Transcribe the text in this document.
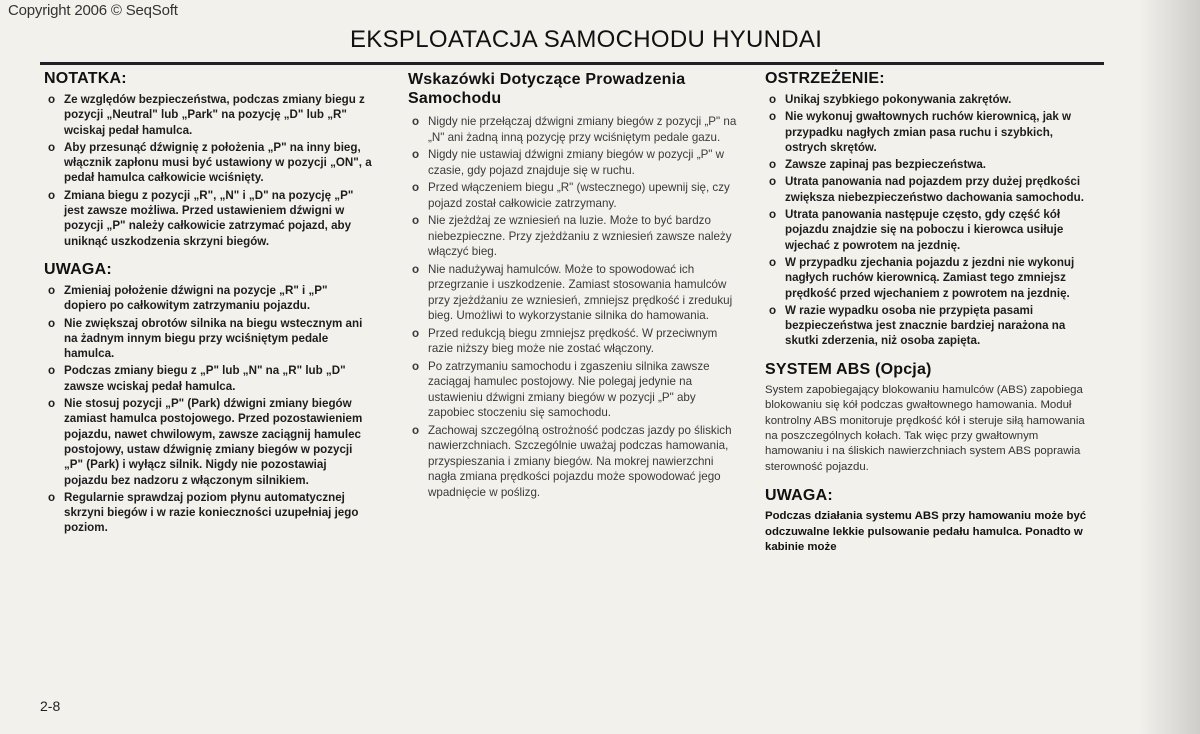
Copyright 2006 © SeqSoft
EKSPLOATACJA SAMOCHODU HYUNDAI
NOTATKA:
o Ze względów bezpieczeństwa, podczas zmiany biegu z pozycji „Neutral" lub „Park" na pozycję „D" lub „R" wciskaj pedał hamulca.
o Aby przesunąć dźwignię z położenia „P" na inny bieg, włącznik zapłonu musi być ustawiony w pozycji „ON", a pedał hamulca całkowicie wciśnięty.
o Zmiana biegu z pozycji „R", „N" i „D" na pozycję „P" jest zawsze możliwa. Przed ustawieniem dźwigni w pozycji „P" należy całkowicie zatrzymać pojazd, aby uniknąć uszkodzenia skrzyni biegów.
UWAGA:
o Zmieniaj położenie dźwigni na pozycje „R" i „P" dopiero po całkowitym zatrzymaniu pojazdu.
o Nie zwiększaj obrotów silnika na biegu wstecznym ani na żadnym innym biegu przy wciśniętym pedale hamulca.
o Podczas zmiany biegu z „P" lub „N" na „R" lub „D" zawsze wciskaj pedał hamulca.
o Nie stosuj pozycji „P" (Park) dźwigni zmiany biegów zamiast hamulca postojowego. Przed pozostawieniem pojazdu, nawet chwilowym, zawsze zaciągnij hamulec postojowy, ustaw dźwignię zmiany biegów w pozycji „P" (Park) i wyłącz silnik. Nigdy nie pozostawiaj pojazdu bez nadzoru z włączonym silnikiem.
o Regularnie sprawdzaj poziom płynu automatycznej skrzyni biegów i w razie konieczności uzupełniaj jego poziom.
Wskazówki Dotyczące Prowadzenia Samochodu
o Nigdy nie przełączaj dźwigni zmiany biegów z pozycji „P" na „N" ani żadną inną pozycję przy wciśniętym pedale gazu.
o Nigdy nie ustawiaj dźwigni zmiany biegów w pozycji „P" w czasie, gdy pojazd znajduje się w ruchu.
o Przed włączeniem biegu „R" (wstecznego) upewnij się, czy pojazd został całkowicie zatrzymany.
o Nie zjeżdżaj ze wzniesień na luzie. Może to być bardzo niebezpieczne. Przy zjeżdżaniu z wzniesień zawsze należy włączyć bieg.
o Nie nadużywaj hamulców. Może to spowodować ich przegrzanie i uszkodzenie. Zamiast stosowania hamulców przy zjeżdżaniu ze wzniesień, zmniejsz prędkość i zredukuj bieg. Umożliwi to wykorzystanie silnika do hamowania.
o Przed redukcją biegu zmniejsz prędkość. W przeciwnym razie niższy bieg może nie zostać włączony.
o Po zatrzymaniu samochodu i zgaszeniu silnika zawsze zaciągaj hamulec postojowy. Nie polegaj jedynie na ustawieniu dźwigni zmiany biegów w pozycji „P" aby zapobiec stoczeniu się samochodu.
o Zachowaj szczególną ostrożność podczas jazdy po śliskich nawierzchniach. Szczególnie uważaj podczas hamowania, przyspieszania i zmiany biegów. Na mokrej nawierzchni nagła zmiana prędkości pojazdu może spowodować jego wpadnięcie w poślizg.
OSTRZEŻENIE:
o Unikaj szybkiego pokonywania zakrętów.
o Nie wykonuj gwałtownych ruchów kierownicą, jak w przypadku nagłych zmian pasa ruchu i szybkich, ostrych skrętów.
o Zawsze zapinaj pas bezpieczeństwa.
o Utrata panowania nad pojazdem przy dużej prędkości zwiększa niebezpieczeństwo dachowania samochodu.
o Utrata panowania następuje często, gdy część kół pojazdu znajdzie się na poboczu i kierowca usiłuje wjechać z powrotem na jezdnię.
o W przypadku zjechania pojazdu z jezdni nie wykonuj nagłych ruchów kierownicą. Zamiast tego zmniejsz prędkość przed wjechaniem z powrotem na jezdnię.
o W razie wypadku osoba nie przypięta pasami bezpieczeństwa jest znacznie bardziej narażona na skutki zderzenia, niż osoba zapięta.
SYSTEM ABS (Opcja)

System zapobiegający blokowaniu hamulców (ABS) zapobiega blokowaniu się kół podczas gwałtownego hamowania. Moduł kontrolny ABS monitoruje prędkość kół i steruje siłą hamowania na poszczególnych kołach. Tak więc przy gwałtownym hamowaniu i na śliskich nawierzchniach system ABS poprawia sterowność pojazdu.

UWAGA:

Podczas działania systemu ABS przy hamowaniu może być odczuwalne lekkie pulsowanie pedału hamulca. Ponadto w kabinie może

2-8
